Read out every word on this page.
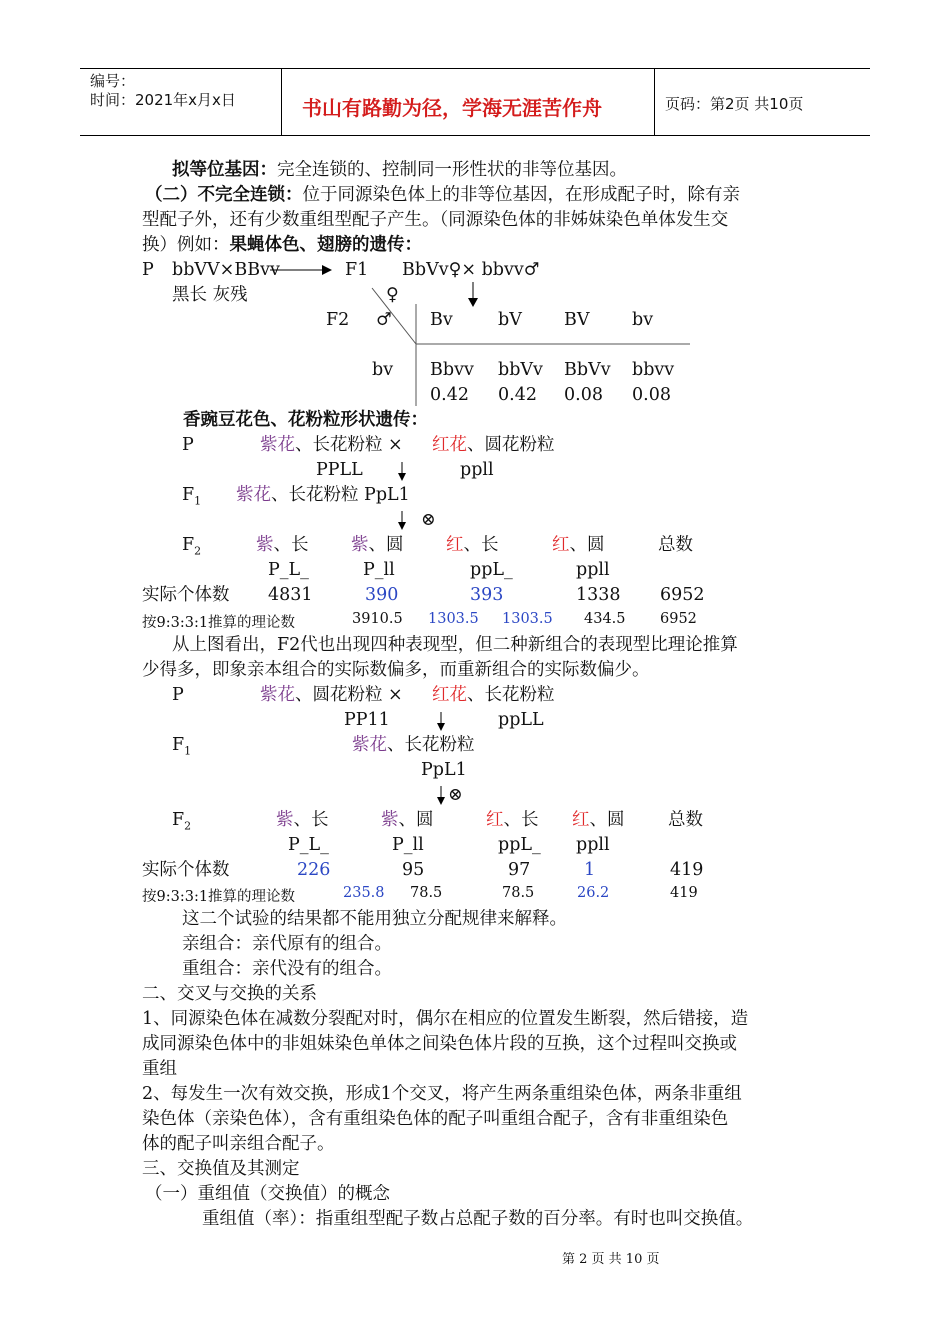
编号：
时间：2021年x月x日	书山有路勤为径，学海无涯苦作舟	页码：第2页 共10页
拟等位基因：完全连锁的、控制同一形性状的非等位基因。
（二）不完全连锁：位于同源染色体上的非等位基因，在形成配子时，除有亲
型配子外，还有少数重组型配子产生。（同源染色体的非姊妹染色单体发生交
换）例如：果蝇体色、翅膀的遗传：
P bbVV×BBvv	F1 BbVv♀× bbvv♂
黑长 灰残	♀
F2 ♂ Bv	bV BV bv
bv Bbvv bbVv BbVv bbvv
0.42 0.42 0.08 0.08
香豌豆花色、花粉粒形状遗传：
P	紫花、长花粉粒 × 红花、圆花粉粒
PPLL	ppll
$F_1$ 紫花、长花粉粒 PpL1
⊗
$F_2$	紫、长 紫、圆 红、长	红、圆	总数
P_L_	P_ll	ppL_	ppll
实际个体数 4831	390	393	1338 6952
按9:3:3:1推算的理论数	3910.5 1303.5 1303.5 434.5 6952
从上图看出，F2代也出现四种表现型，但二种新组合的表现型比理论推算
少得多，即象亲本组合的实际数偏多，而重新组合的实际数偏少。
P	紫花、圆花粉粒 × 红花、长花粉粒
PP11	ppLL
$F_1$	紫花、长花粉粒
PpL1
⊗
$F_2$	紫、长	紫、圆	红、长 红、圆 总数
P_L_	P_ll	ppL_ ppll
实际个体数	226	95	97	1	419
按9:3:3:1推算的理论数	235.8 78.5	78.5	26.2	419
这二个试验的结果都不能用独立分配规律来解释。
亲组合：亲代原有的组合。
重组合：亲代没有的组合。
二、交叉与交换的关系
1、同源染色体在减数分裂配对时，偶尔在相应的位置发生断裂，然后错接，造
成同源染色体中的非姐妹染色单体之间染色体片段的互换，这个过程叫交换或
重组
2、每发生一次有效交换，形成1个交叉，将产生两条重组染色体，两条非重组
染色体（亲染色体），含有重组染色体的配子叫重组合配子，含有非重组染色
体的配子叫亲组合配子。
三、交换值及其测定
（一）重组值（交换值）的概念
重组值（率）：指重组型配子数占总配子数的百分率。有时也叫交换值。
第 2 页 共 10 页
